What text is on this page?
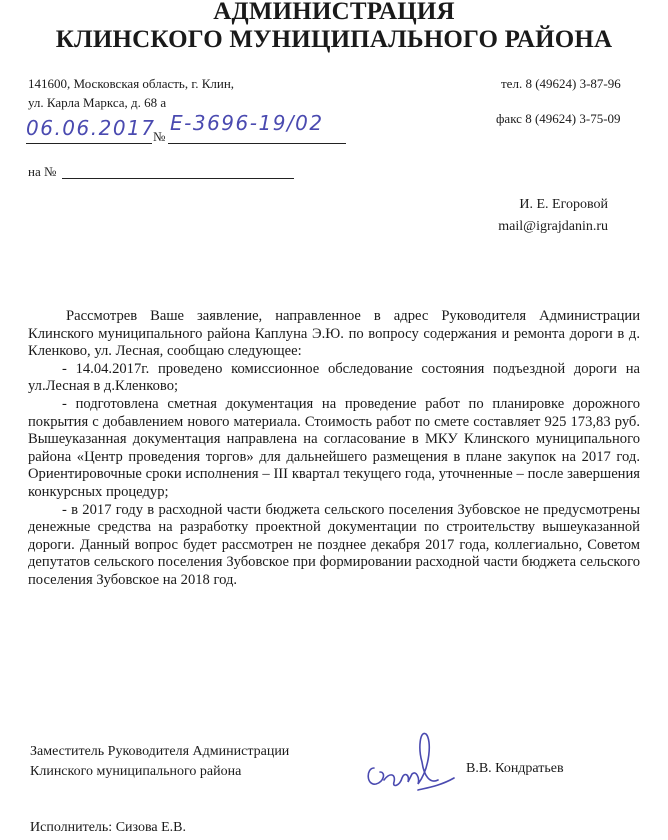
АДМИНИСТРАЦИЯ
КЛИНСКОГО МУНИЦИПАЛЬНОГО РАЙОНА
141600, Московская область, г. Клин,
ул. Карла Маркса, д. 68 а
тел. 8 (49624) 3-87-96
факс 8 (49624) 3-75-09
06.06.2017
№
Е-3696-19/02
на №
И. Е. Егоровой
mail@igrajdanin.ru

Рассмотрев Ваше заявление, направленное в адрес Руководителя Администрации Клинского муниципального района Каплуна Э.Ю. по вопросу содержания и ремонта дороги в д. Кленково, ул. Лесная, сообщаю следующее:

- 14.04.2017г. проведено комиссионное обследование состояния подъездной дороги на ул.Лесная в д.Кленково;

- подготовлена сметная документация на проведение работ по планировке дорожного покрытия с добавлением нового материала. Стоимость работ по смете составляет 925 173,83 руб. Вышеуказанная документация направлена на согласование в МКУ Клинского муниципального района «Центр проведения торгов» для дальнейшего размещения в плане закупок на 2017 год. Ориентировочные сроки исполнения – III квартал текущего года, уточненные – после завершения конкурсных процедур;

- в 2017 году в расходной части бюджета сельского поселения Зубовское не предусмотрены денежные средства на разработку проектной документации по строительству вышеуказанной дороги. Данный вопрос будет рассмотрен не позднее декабря 2017 года, коллегиально, Советом депутатов сельского поселения Зубовское при формировании расходной части бюджета сельского поселения Зубовское на 2018 год.

Заместитель Руководителя Администрации
Клинского муниципального района	В.В. Кондратьев
Исполнитель: Сизова Е.В.
